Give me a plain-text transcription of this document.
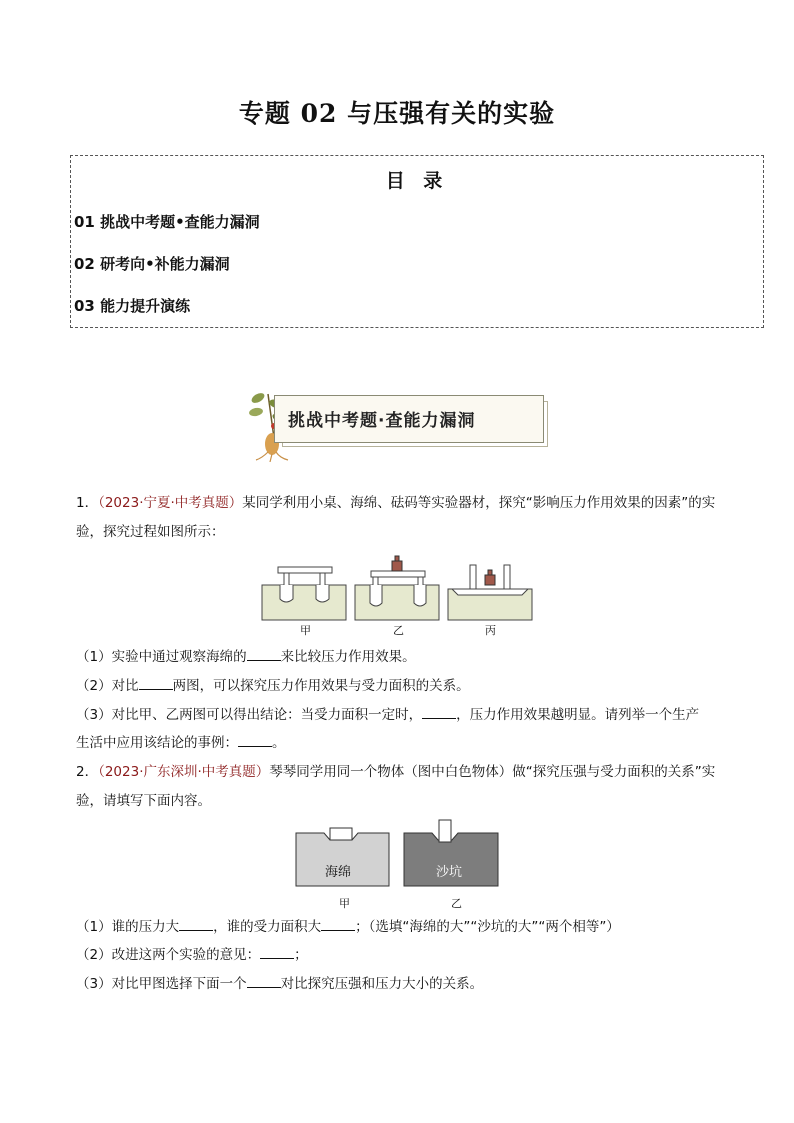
专题 02 与压强有关的实验
目 录
01 挑战中考题•查能力漏洞
02 研考向•补能力漏洞
03 能力提升演练
挑战中考题·查能力漏洞
1．（2023·宁夏·中考真题）某同学利用小桌、海绵、砝码等实验器材，探究“影响压力作用效果的因素”的实
验，探究过程如图所示：
甲	乙	丙
（1）实验中通过观察海绵的	来比较压力作用效果。
（2）对比	两图，可以探究压力作用效果与受力面积的关系。
（3）对比甲、乙两图可以得出结论：当受力面积一定时，	，压力作用效果越明显。请列举一个生产
生活中应用该结论的事例：	。
2．（2023·广东深圳·中考真题）琴琴同学用同一个物体（图中白色物体）做“探究压强与受力面积的关系”实
验，请填写下面内容。
海绵	沙坑
甲	乙
（1）谁的压力大	，谁的受力面积大	；（选填“海绵的大”“沙坑的大”“两个相等”）
（2）改进这两个实验的意见：	；
（3）对比甲图选择下面一个	对比探究压强和压力大小的关系。
